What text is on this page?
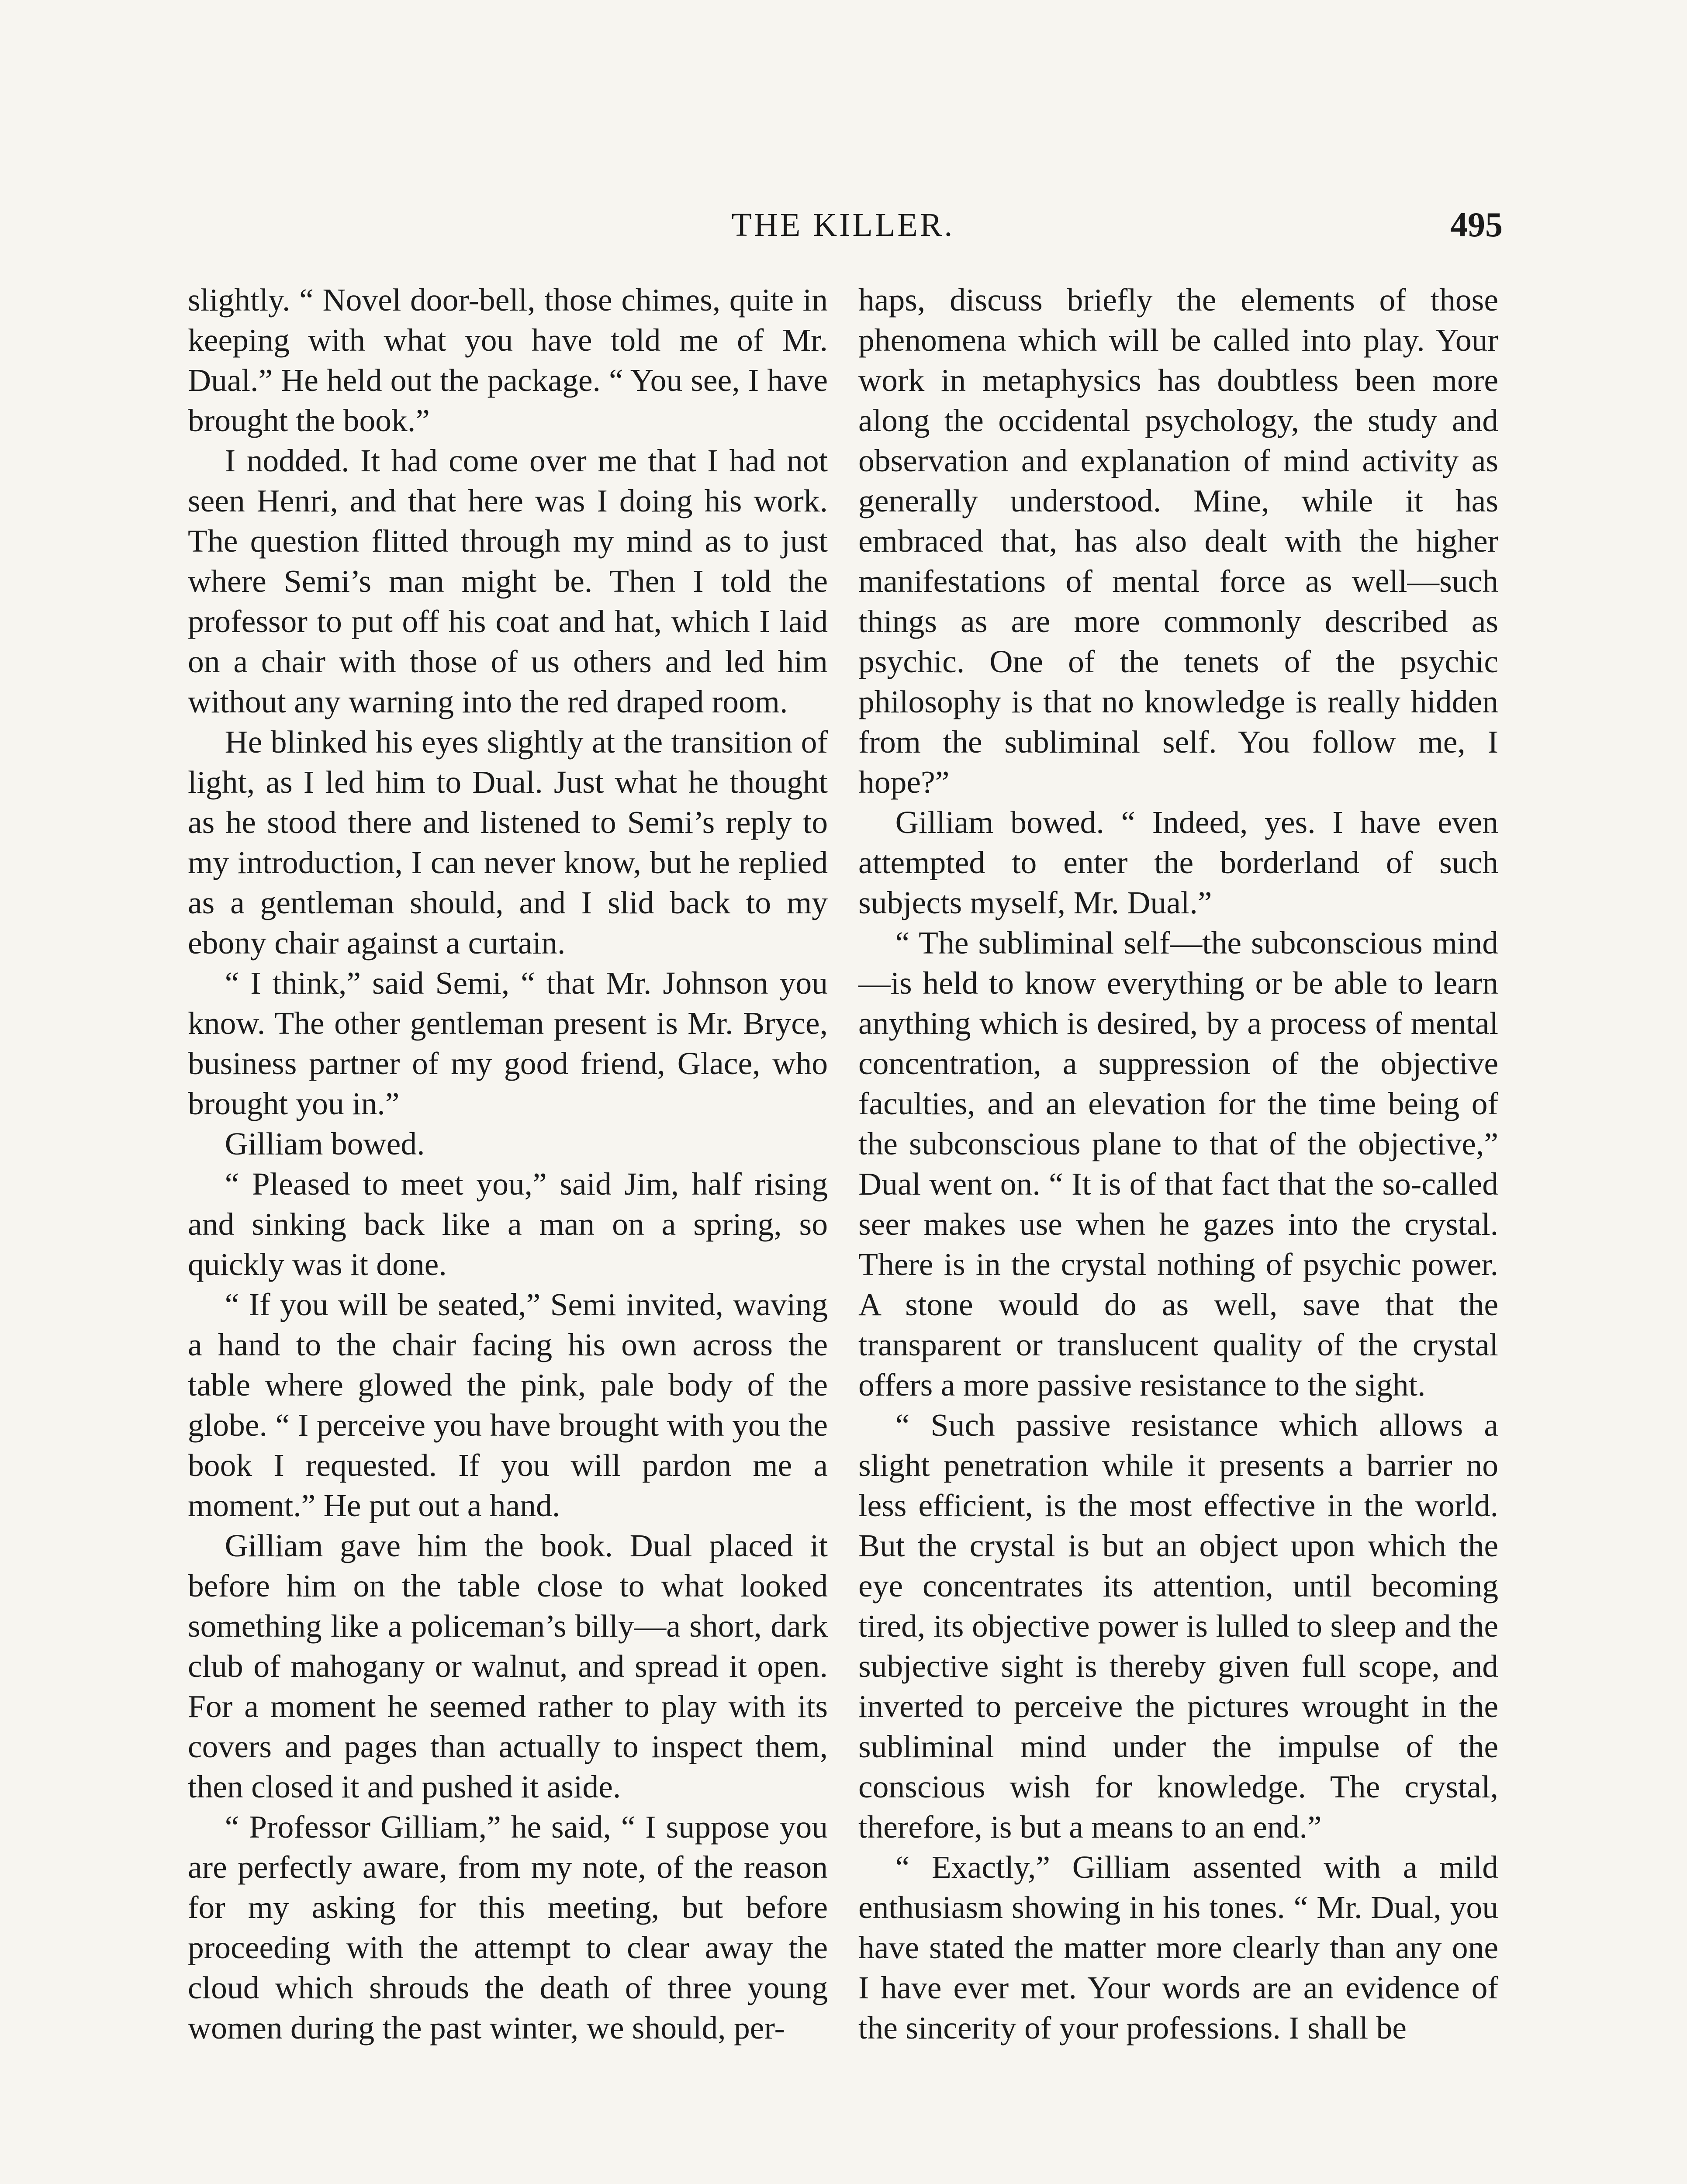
THE KILLER.	495

slightly. “ Novel door-bell, those chimes, quite in keeping with what you have told me of Mr. Dual.” He held out the package. “ You see, I have brought the book.”

I nodded. It had come over me that I had not seen Henri, and that here was I doing his work. The question flitted through my mind as to just where Semi’s man might be. Then I told the professor to put off his coat and hat, which I laid on a chair with those of us others and led him without any warning into the red draped room.

He blinked his eyes slightly at the transition of light, as I led him to Dual. Just what he thought as he stood there and listened to Semi’s reply to my introduction, I can never know, but he replied as a gentleman should, and I slid back to my ebony chair against a curtain.

“ I think,” said Semi, “ that Mr. Johnson you know. The other gentleman present is Mr. Bryce, business partner of my good friend, Glace, who brought you in.”

Gilliam bowed.

“ Pleased to meet you,” said Jim, half rising and sinking back like a man on a spring, so quickly was it done.

“ If you will be seated,” Semi invited, waving a hand to the chair facing his own across the table where glowed the pink, pale body of the globe. “ I perceive you have brought with you the book I requested. If you will pardon me a moment.” He put out a hand.

Gilliam gave him the book. Dual placed it before him on the table close to what looked something like a policeman’s billy—a short, dark club of mahogany or walnut, and spread it open. For a moment he seemed rather to play with its covers and pages than actually to inspect them, then closed it and pushed it aside.

“ Professor Gilliam,” he said, “ I suppose you are perfectly aware, from my note, of the reason for my asking for this meeting, but before proceeding with the attempt to clear away the cloud which shrouds the death of three young women during the past winter, we should, per-

haps, discuss briefly the elements of those phenomena which will be called into play. Your work in metaphysics has doubtless been more along the occidental psychology, the study and observation and explanation of mind activity as generally understood. Mine, while it has embraced that, has also dealt with the higher manifestations of mental force as well—such things as are more commonly described as psychic. One of the tenets of the psychic philosophy is that no knowledge is really hidden from the subliminal self. You follow me, I hope?”

Gilliam bowed. “ Indeed, yes. I have even attempted to enter the borderland of such subjects myself, Mr. Dual.”

“ The subliminal self—the subconscious mind—is held to know everything or be able to learn anything which is desired, by a process of mental concentration, a suppression of the objective faculties, and an elevation for the time being of the subconscious plane to that of the objective,” Dual went on. “ It is of that fact that the so-called seer makes use when he gazes into the crystal. There is in the crystal nothing of psychic power. A stone would do as well, save that the transparent or translucent quality of the crystal offers a more passive resistance to the sight.

“ Such passive resistance which allows a slight penetration while it presents a barrier no less efficient, is the most effective in the world. But the crystal is but an object upon which the eye concentrates its attention, until becoming tired, its objective power is lulled to sleep and the subjective sight is thereby given full scope, and inverted to perceive the pictures wrought in the subliminal mind under the impulse of the conscious wish for knowledge. The crystal, therefore, is but a means to an end.”

“ Exactly,” Gilliam assented with a mild enthusiasm showing in his tones. “ Mr. Dual, you have stated the matter more clearly than any one I have ever met. Your words are an evidence of the sincerity of your professions. I shall be
